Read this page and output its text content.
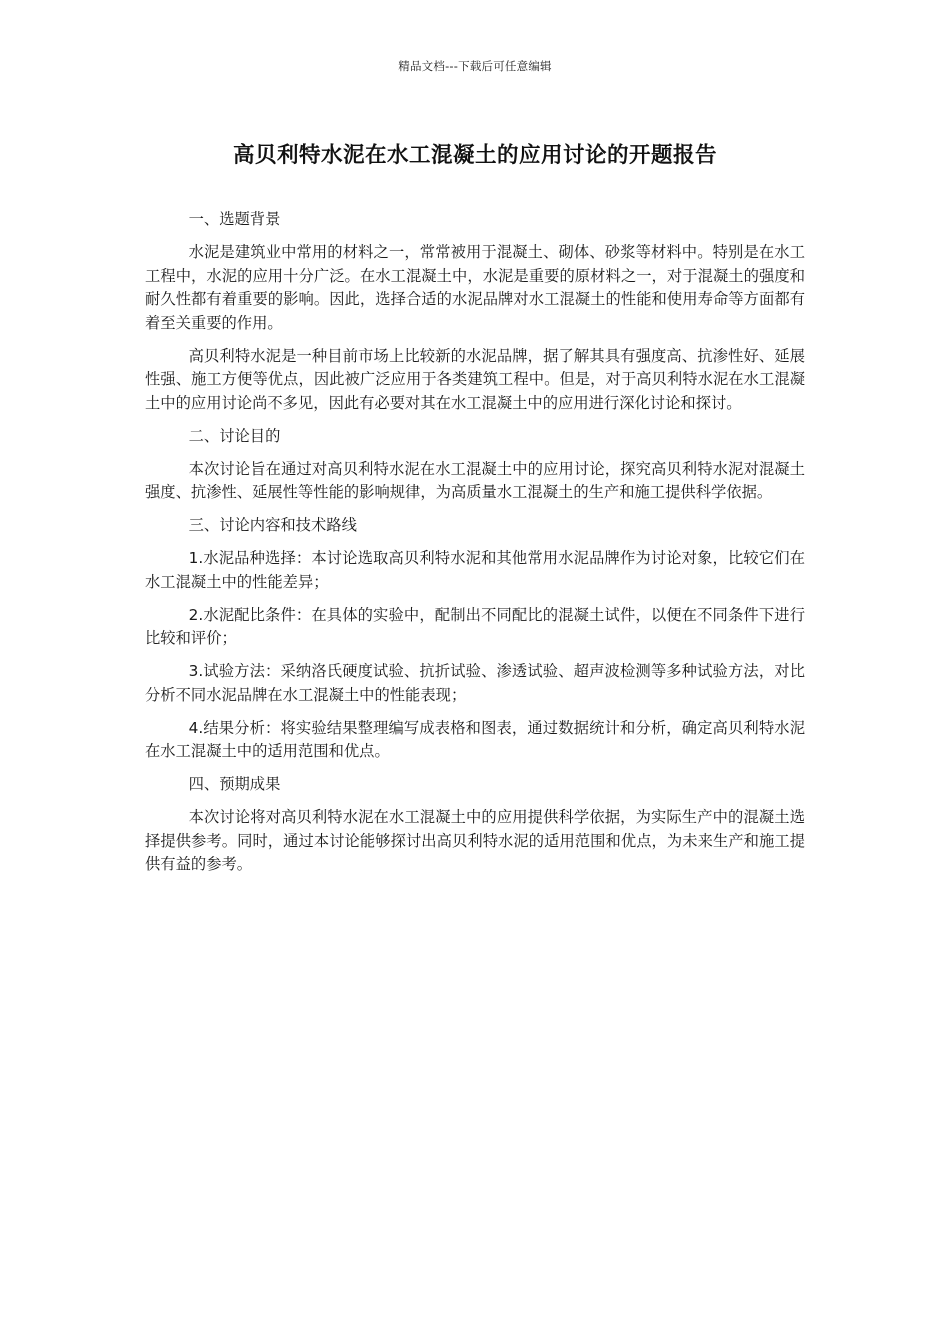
精品文档---下载后可任意编辑
高贝利特水泥在水工混凝土的应用讨论的开题报告

一、选题背景

水泥是建筑业中常用的材料之一，常常被用于混凝土、砌体、砂浆等材料中。特别是在水工工程中，水泥的应用十分广泛。在水工混凝土中，水泥是重要的原材料之一，对于混凝土的强度和耐久性都有着重要的影响。因此，选择合适的水泥品牌对水工混凝土的性能和使用寿命等方面都有着至关重要的作用。

高贝利特水泥是一种目前市场上比较新的水泥品牌，据了解其具有强度高、抗渗性好、延展性强、施工方便等优点，因此被广泛应用于各类建筑工程中。但是，对于高贝利特水泥在水工混凝土中的应用讨论尚不多见，因此有必要对其在水工混凝土中的应用进行深化讨论和探讨。

二、讨论目的

本次讨论旨在通过对高贝利特水泥在水工混凝土中的应用讨论，探究高贝利特水泥对混凝土强度、抗渗性、延展性等性能的影响规律，为高质量水工混凝土的生产和施工提供科学依据。

三、讨论内容和技术路线

1.水泥品种选择：本讨论选取高贝利特水泥和其他常用水泥品牌作为讨论对象，比较它们在水工混凝土中的性能差异；

2.水泥配比条件：在具体的实验中，配制出不同配比的混凝土试件，以便在不同条件下进行比较和评价；

3.试验方法：采纳洛氏硬度试验、抗折试验、渗透试验、超声波检测等多种试验方法，对比分析不同水泥品牌在水工混凝土中的性能表现；

4.结果分析：将实验结果整理编写成表格和图表，通过数据统计和分析，确定高贝利特水泥在水工混凝土中的适用范围和优点。

四、预期成果

本次讨论将对高贝利特水泥在水工混凝土中的应用提供科学依据，为实际生产中的混凝土选择提供参考。同时，通过本讨论能够探讨出高贝利特水泥的适用范围和优点，为未来生产和施工提供有益的参考。
